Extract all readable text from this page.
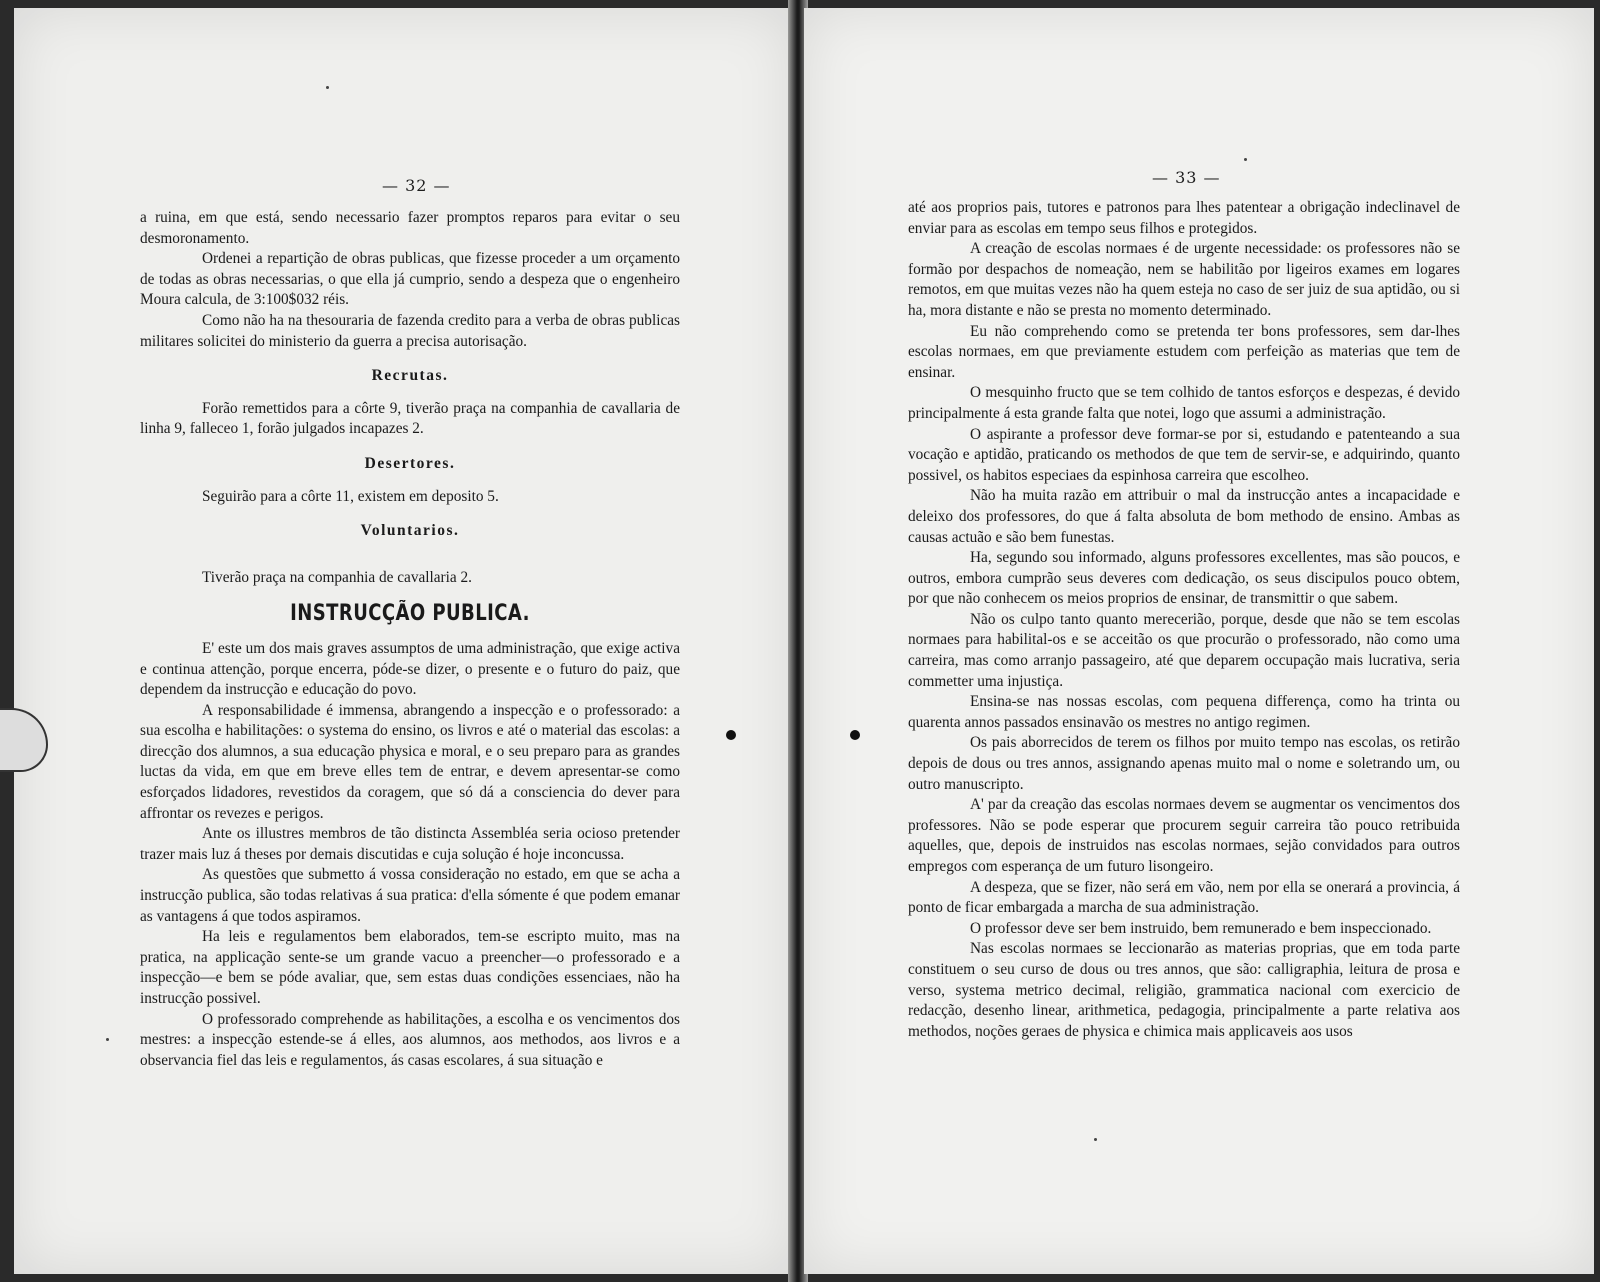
— 32 —

a ruina, em que está, sendo necessario fazer promptos reparos para evitar o seu desmoronamento.

Ordenei a repartição de obras publicas, que fizesse proceder a um orçamento de todas as obras necessarias, o que ella já cumprio, sendo a despeza que o engenheiro Moura calcula, de 3:100$032 réis.

Como não ha na thesouraria de fazenda credito para a verba de obras publicas militares solicitei do ministerio da guerra a precisa autorisação.

Recrutas.

Forão remettidos para a côrte 9, tiverão praça na companhia de cavallaria de linha 9, falleceo 1, forão julgados incapazes 2.

Desertores.

Seguirão para a côrte 11, existem em deposito 5.

Voluntarios.

Tiverão praça na companhia de cavallaria 2.

INSTRUCÇÃO PUBLICA.

E' este um dos mais graves assumptos de uma administração, que exige activa e continua attenção, porque encerra, póde-se dizer, o presente e o futuro do paiz, que dependem da instrucção e educação do povo.

A responsabilidade é immensa, abrangendo a inspecção e o professorado: a sua escolha e habilitações: o systema do ensino, os livros e até o material das escolas: a direcção dos alumnos, a sua educação physica e moral, e o seu preparo para as grandes luctas da vida, em que em breve elles tem de entrar, e devem apresentar-se como esforçados lidadores, revestidos da coragem, que só dá a consciencia do dever para affrontar os revezes e perigos.

Ante os illustres membros de tão distincta Assembléa seria ocioso pretender trazer mais luz á theses por demais discutidas e cuja solução é hoje inconcussa.

As questões que submetto á vossa consideração no estado, em que se acha a instrucção publica, são todas relativas á sua pratica: d'ella sómente é que podem emanar as vantagens á que todos aspiramos.

Ha leis e regulamentos bem elaborados, tem-se escripto muito, mas na pratica, na applicação sente-se um grande vacuo a preencher—o professorado e a inspecção—e bem se póde avaliar, que, sem estas duas condições essenciaes, não ha instrucção possivel.

O professorado comprehende as habilitações, a escolha e os vencimentos dos mestres: a inspecção estende-se á elles, aos alumnos, aos methodos, aos livros e a observancia fiel das leis e regulamentos, ás casas escolares, á sua situação e

— 33 —

até aos proprios pais, tutores e patronos para lhes patentear a obrigação indeclinavel de enviar para as escolas em tempo seus filhos e protegidos.

A creação de escolas normaes é de urgente necessidade: os professores não se formão por despachos de nomeação, nem se habilitão por ligeiros exames em logares remotos, em que muitas vezes não ha quem esteja no caso de ser juiz de sua aptidão, ou si ha, mora distante e não se presta no momento determinado.

Eu não comprehendo como se pretenda ter bons professores, sem dar-lhes escolas normaes, em que previamente estudem com perfeição as materias que tem de ensinar.

O mesquinho fructo que se tem colhido de tantos esforços e despezas, é devido principalmente á esta grande falta que notei, logo que assumi a administração.

O aspirante a professor deve formar-se por si, estudando e patenteando a sua vocação e aptidão, praticando os methodos de que tem de servir-se, e adquirindo, quanto possivel, os habitos especiaes da espinhosa carreira que escolheo.

Não ha muita razão em attribuir o mal da instrucção antes a incapacidade e deleixo dos professores, do que á falta absoluta de bom methodo de ensino. Ambas as causas actuão e são bem funestas.

Ha, segundo sou informado, alguns professores excellentes, mas são poucos, e outros, embora cumprão seus deveres com dedicação, os seus discipulos pouco obtem, por que não conhecem os meios proprios de ensinar, de transmittir o que sabem.

Não os culpo tanto quanto merecerião, porque, desde que não se tem escolas normaes para habilital-os e se acceitão os que procurão o professorado, não como uma carreira, mas como arranjo passageiro, até que deparem occupação mais lucrativa, seria commetter uma injustiça.

Ensina-se nas nossas escolas, com pequena differença, como ha trinta ou quarenta annos passados ensinavão os mestres no antigo regimen.

Os pais aborrecidos de terem os filhos por muito tempo nas escolas, os retirão depois de dous ou tres annos, assignando apenas muito mal o nome e soletrando um, ou outro manuscripto.

A' par da creação das escolas normaes devem se augmentar os vencimentos dos professores. Não se pode esperar que procurem seguir carreira tão pouco retribuida aquelles, que, depois de instruidos nas escolas normaes, sejão convidados para outros empregos com esperança de um futuro lisongeiro.

A despeza, que se fizer, não será em vão, nem por ella se onerará a provincia, á ponto de ficar embargada a marcha de sua administração.

O professor deve ser bem instruido, bem remunerado e bem inspeccionado.

Nas escolas normaes se leccionarão as materias proprias, que em toda parte constituem o seu curso de dous ou tres annos, que são: calligraphia, leitura de prosa e verso, systema metrico decimal, religião, grammatica nacional com exercicio de redacção, desenho linear, arithmetica, pedagogia, principalmente a parte relativa aos methodos, noções geraes de physica e chimica mais applicaveis aos usos
